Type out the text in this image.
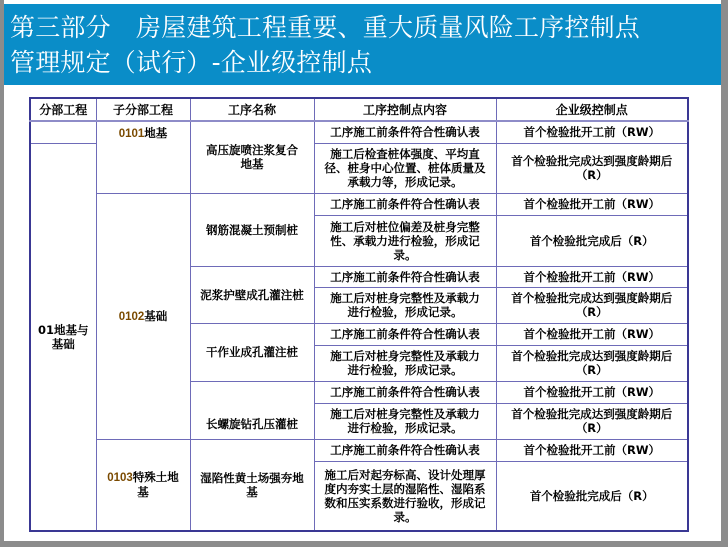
第三部分　房屋建筑工程重要、重大质量风险工序控制点
管理规定（试行）-企业级控制点
分部工程	子分部工程	工序名称	工序控制点内容	企业级控制点
	0101地基	高压旋喷注浆复合地基	工序施工前条件符合性确认表	首个检验批开工前（RW）
01地基与基础			施工后检查桩体强度、平均直径、桩身中心位置、桩体质量及承载力等，形成记录。	首个检验批完成达到强度龄期后（R）
	0102基础	钢筋混凝土预制桩	工序施工前条件符合性确认表	首个检验批开工前（RW）
			施工后对桩位偏差及桩身完整性、承载力进行检验，形成记录。	首个检验批完成后（R）
		泥浆护壁成孔灌注桩	工序施工前条件符合性确认表	首个检验批开工前（RW）
			施工后对桩身完整性及承载力进行检验，形成记录。	首个检验批完成达到强度龄期后（R）
		干作业成孔灌注桩	工序施工前条件符合性确认表	首个检验批开工前（RW）
			施工后对桩身完整性及承载力进行检验，形成记录。	首个检验批完成达到强度龄期后（R）
		长螺旋钻孔压灌桩	工序施工前条件符合性确认表	首个检验批开工前（RW）
			施工后对桩身完整性及承载力进行检验，形成记录。	首个检验批完成达到强度龄期后（R）
	0103特殊土地基	湿陷性黄土场强夯地基	工序施工前条件符合性确认表	首个检验批开工前（RW）
			施工后对起夯标高、设计处理厚度内夯实土层的湿陷性、湿陷系数和压实系数进行验收，形成记录。	首个检验批完成后（R）
